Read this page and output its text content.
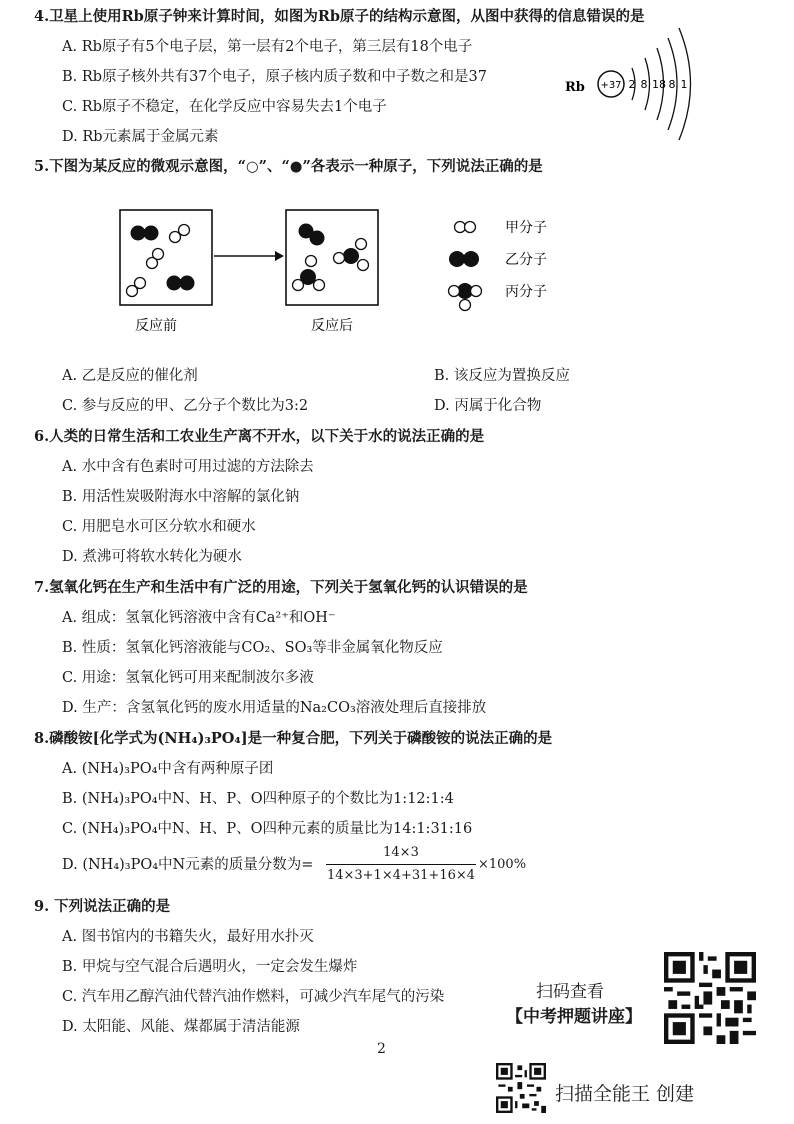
4.卫星上使用Rb原子钟来计算时间，如图为Rb原子的结构示意图，从图中获得的信息错误的是
A. Rb原子有5个电子层，第一层有2个电子，第三层有18个电子
B. Rb原子核外共有37个电子，原子核内质子数和中子数之和是37
C. Rb原子不稳定，在化学反应中容易失去1个电子
D. Rb元素属于金属元素
Rb +37 2 8 18 8 1
5.下图为某反应的微观示意图，“○”、“●”各表示一种原子，下列说法正确的是
甲分子
乙分子
丙分子
反应前	反应后
A. 乙是反应的催化剂	B. 该反应为置换反应
C. 参与反应的甲、乙分子个数比为3:2	D. 丙属于化合物
6.人类的日常生活和工农业生产离不开水，以下关于水的说法正确的是
A. 水中含有色素时可用过滤的方法除去
B. 用活性炭吸附海水中溶解的氯化钠
C. 用肥皂水可区分软水和硬水
D. 煮沸可将软水转化为硬水
7.氢氧化钙在生产和生活中有广泛的用途，下列关于氢氧化钙的认识错误的是
A. 组成：氢氧化钙溶液中含有Ca²⁺和OH⁻
B. 性质：氢氧化钙溶液能与CO₂、SO₃等非金属氧化物反应
C. 用途：氢氧化钙可用来配制波尔多液
D. 生产：含氢氧化钙的废水用适量的Na₂CO₃溶液处理后直接排放
8.磷酸铵[化学式为(NH₄)₃PO₄]是一种复合肥，下列关于磷酸铵的说法正确的是
A. (NH₄)₃PO₄中含有两种原子团
B. (NH₄)₃PO₄中N、H、P、O四种原子的个数比为1:12:1:4
C. (NH₄)₃PO₄中N、H、P、O四种元素的质量比为14:1:31:16
D. (NH₄)₃PO₄中N元素的质量分数为=
14×3
14×3+1×4+31+16×4
×100%
9. 下列说法正确的是
A. 图书馆内的书籍失火，最好用水扑灭
B. 甲烷与空气混合后遇明火，一定会发生爆炸
C. 汽车用乙醇汽油代替汽油作燃料，可减少汽车尾气的污染
D. 太阳能、风能、煤都属于清洁能源
扫码查看
【中考押题讲座】
2
扫描全能王 创建
